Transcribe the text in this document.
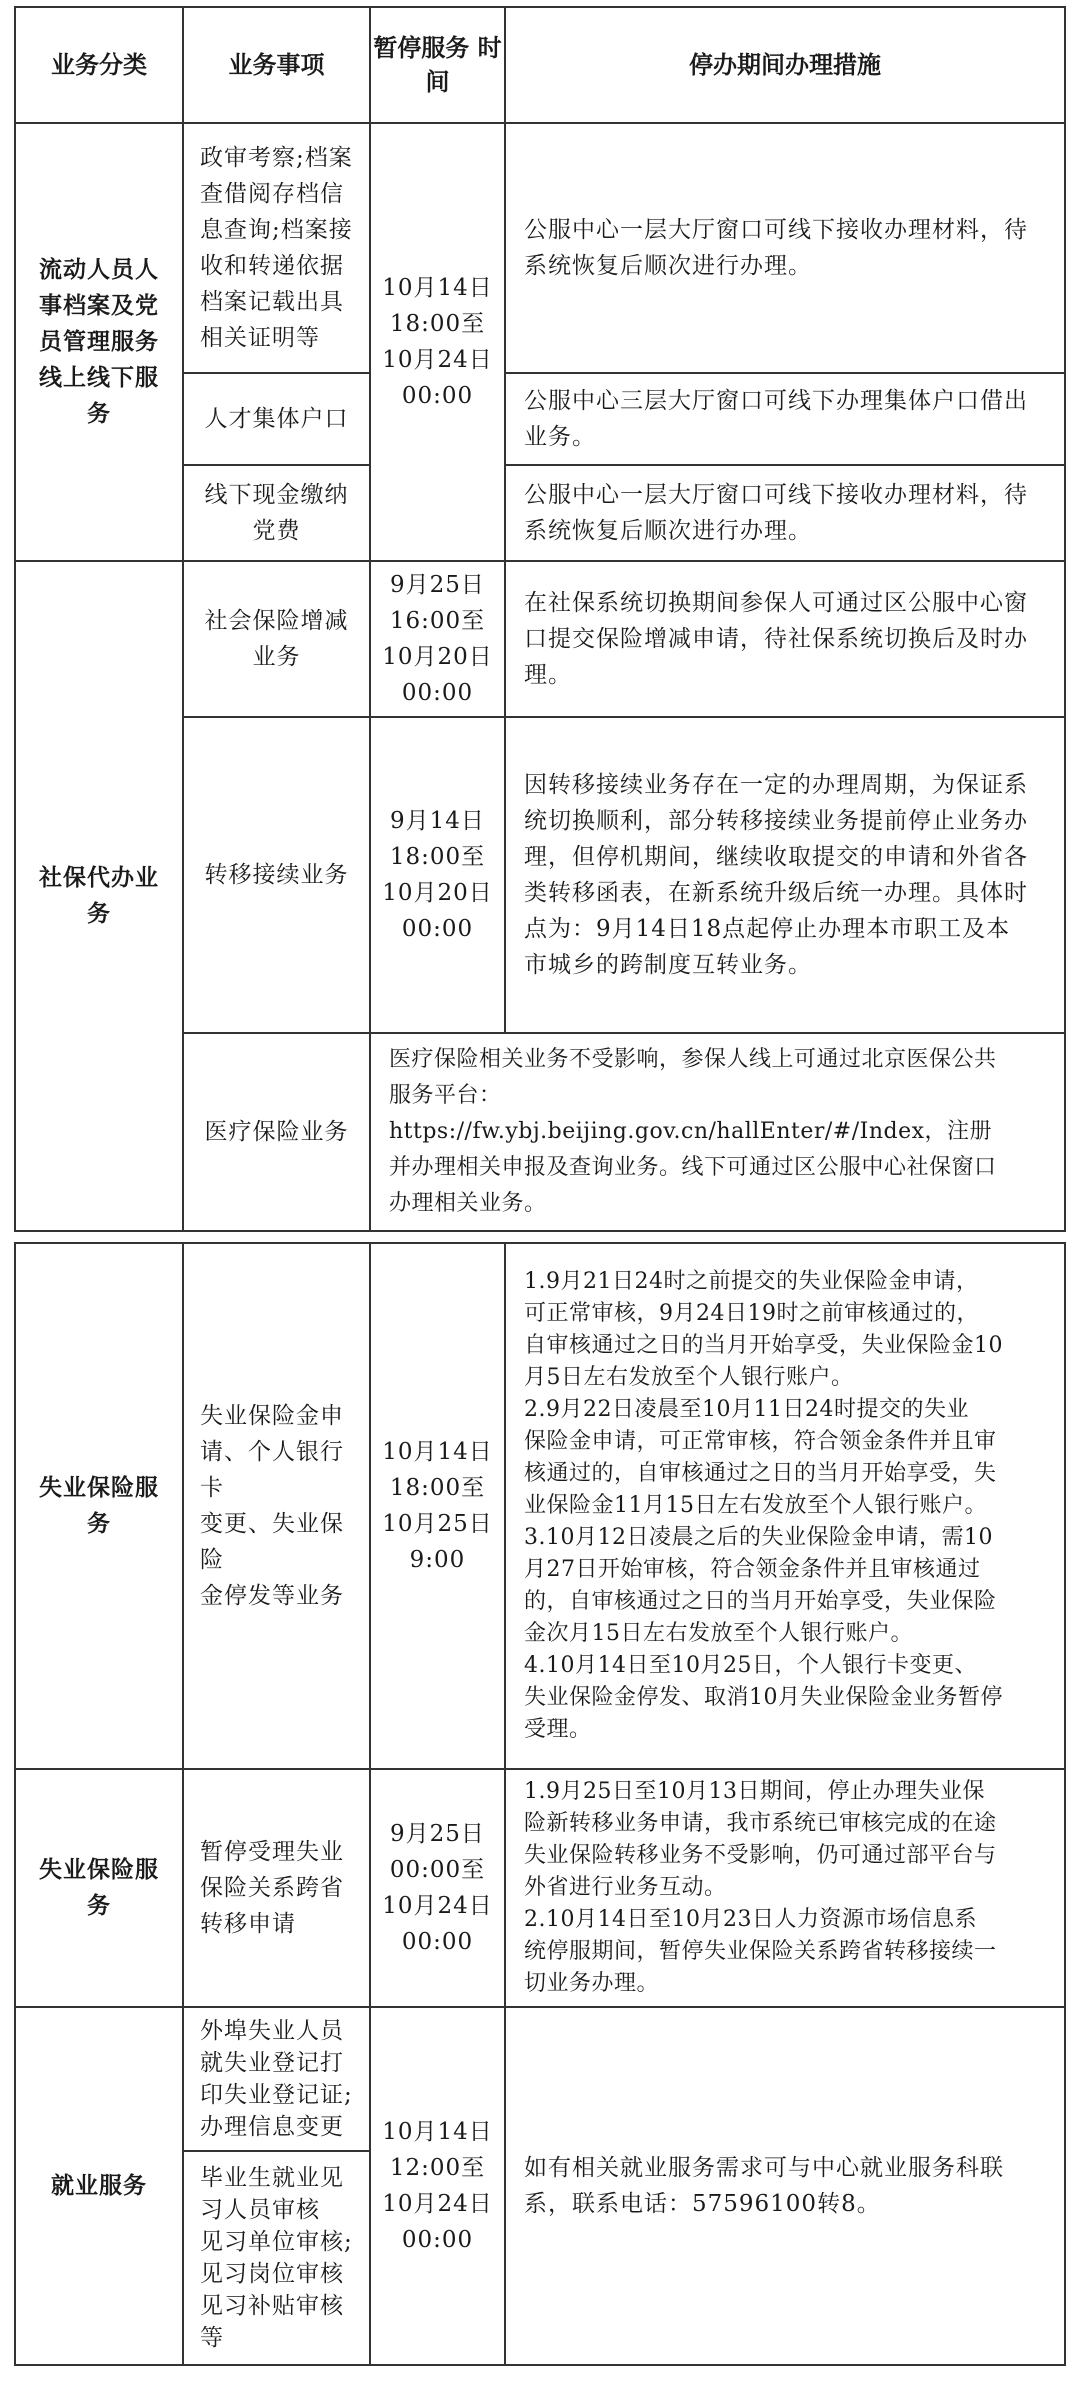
业务分类	业务事项
暂停服务 时间
停办期间办理措施
流动人员人
事档案及党
员管理服务
线上线下服
务
政审考察;档案
查借阅存档信
息查询;档案接
收和转递依据
档案记载出具
相关证明等
10月14日
18:00至
10月24日
00:00
公服中心一层大厅窗口可线下接收办理材料，待
系统恢复后顺次进行办理。
人才集体户口
公服中心三层大厅窗口可线下办理集体户口借出
业务。
线下现金缴纳
党费
公服中心一层大厅窗口可线下接收办理材料，待
系统恢复后顺次进行办理。
社保代办业
务
社会保险增减
业务
9月25日
16:00至
10月20日
00:00
在社保系统切换期间参保人可通过区公服中心窗
口提交保险增减申请，待社保系统切换后及时办
理。
转移接续业务
9月14日
18:00至
10月20日
00:00
因转移接续业务存在一定的办理周期，为保证系
统切换顺利，部分转移接续业务提前停止业务办
理，但停机期间，继续收取提交的申请和外省各
类转移函表，在新系统升级后统一办理。具体时
点为：9月14日18点起停止办理本市职工及本
市城乡的跨制度互转业务。
医疗保险业务
医疗保险相关业务不受影响，参保人线上可通过北京医保公共
服务平台：
https://fw.ybj.beijing.gov.cn/hallEnter/#/Index，注册
并办理相关申报及查询业务。线下可通过区公服中心社保窗口
办理相关业务。
失业保险服
务
失业保险金申
请、个人银行卡
变更、失业保险
金停发等业务
10月14日
18:00至
10月25日
9:00
1.9月21日24时之前提交的失业保险金申请，
可正常审核，9月24日19时之前审核通过的，
自审核通过之日的当月开始享受，失业保险金10
月5日左右发放至个人银行账户。
2.9月22日凌晨至10月11日24时提交的失业
保险金申请，可正常审核，符合领金条件并且审
核通过的，自审核通过之日的当月开始享受，失
业保险金11月15日左右发放至个人银行账户。
3.10月12日凌晨之后的失业保险金申请，需10
月27日开始审核，符合领金条件并且审核通过
的，自审核通过之日的当月开始享受，失业保险
金次月15日左右发放至个人银行账户。
4.10月14日至10月25日，个人银行卡变更、
失业保险金停发、取消10月失业保险金业务暂停
受理。
失业保险服
务
暂停受理失业
保险关系跨省
转移申请
9月25日
00:00至
10月24日
00:00
1.9月25日至10月13日期间，停止办理失业保
险新转移业务申请，我市系统已审核完成的在途
失业保险转移业务不受影响，仍可通过部平台与
外省进行业务互动。
2.10月14日至10月23日人力资源市场信息系
统停服期间，暂停失业保险关系跨省转移接续一
切业务办理。
就业服务
外埠失业人员
就失业登记打
印失业登记证;
办理信息变更
毕业生就业见
习人员审核
见习单位审核;
见习岗位审核
见习补贴审核
等
10月14日
12:00至
10月24日
00:00
如有相关就业服务需求可与中心就业服务科联
系，联系电话：57596100转8。
